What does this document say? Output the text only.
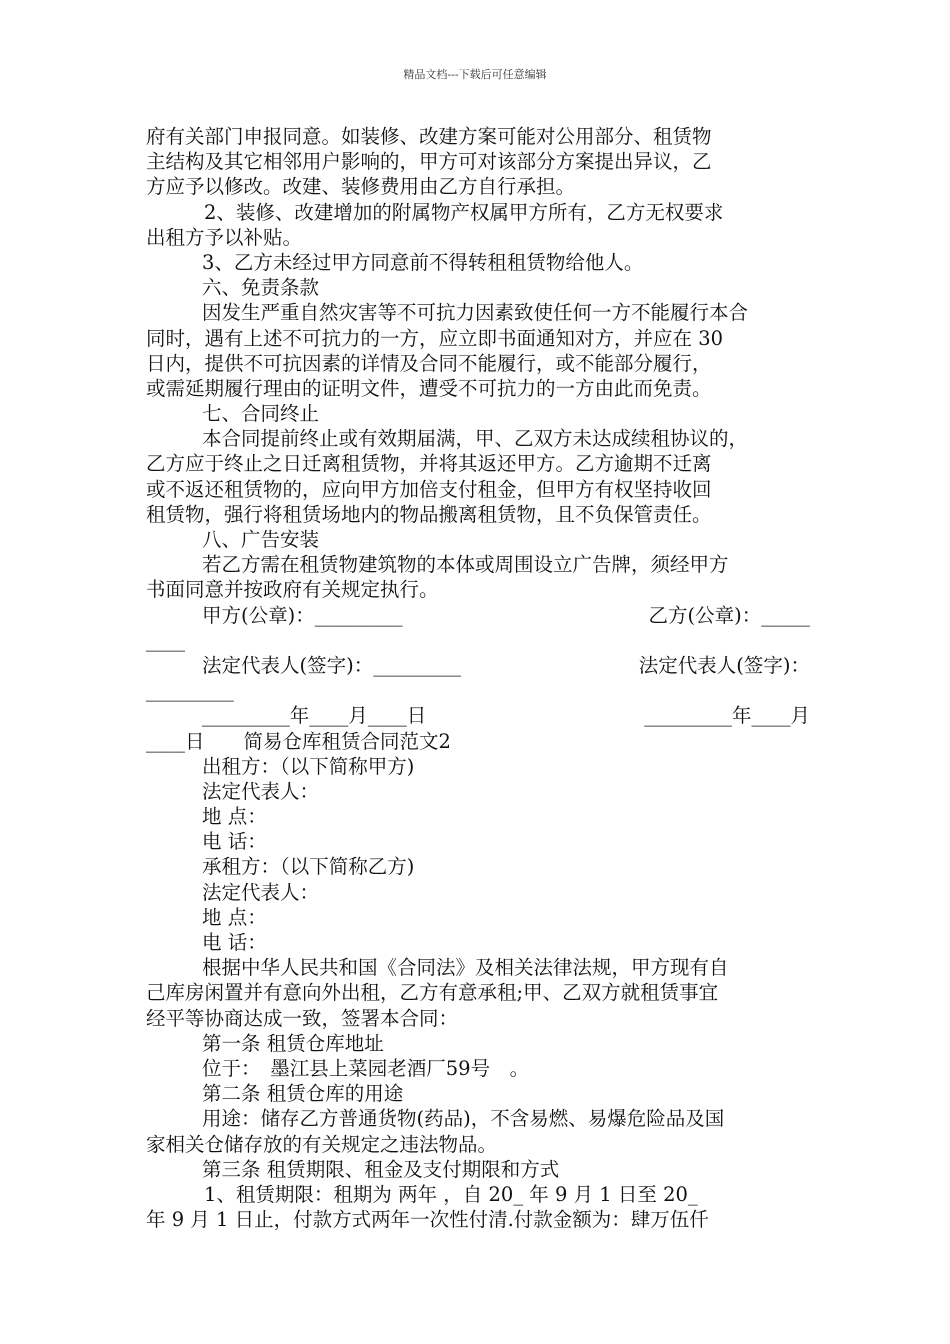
精品文档---下载后可任意编辑
府有关部门申报同意。如装修、改建方案可能对公用部分、租赁物
主结构及其它相邻用户影响的，甲方可对该部分方案提出异议，乙
方应予以修改。改建、装修费用由乙方自行承担。
2、装修、改建增加的附属物产权属甲方所有，乙方无权要求
出租方予以补贴。
3、乙方未经过甲方同意前不得转租租赁物给他人。
六、免责条款
因发生严重自然灾害等不可抗力因素致使任何一方不能履行本合
同时，遇有上述不可抗力的一方，应立即书面通知对方，并应在 30
日内，提供不可抗因素的详情及合同不能履行，或不能部分履行，
或需延期履行理由的证明文件，遭受不可抗力的一方由此而免责。
七、合同终止
本合同提前终止或有效期届满，甲、乙双方未达成续租协议的，
乙方应于终止之日迁离租赁物，并将其返还甲方。乙方逾期不迁离
或不返还租赁物的，应向甲方加倍支付租金，但甲方有权坚持收回
租赁物，强行将租赁场地内的物品搬离租赁物，且不负保管责任。
八、广告安装
若乙方需在租赁物建筑物的本体或周围设立广告牌，须经甲方
书面同意并按政府有关规定执行。
甲方(公章)：_________	乙方(公章)：_____
____
法定代表人(签字)：_________	法定代表人(签字)：
_________
_________年____月____日	_________年____月
____日　　简易仓库租赁合同范文2
出租方：（以下简称甲方)
法定代表人：
地 点：
电 话：
承租方：（以下简称乙方)
法定代表人：
地 点：
电 话：
根据中华人民共和国《合同法》及相关法律法规，甲方现有自
己库房闲置并有意向外出租，乙方有意承租;甲、乙双方就租赁事宜
经平等协商达成一致，签署本合同：
第一条 租赁仓库地址
位于：　墨江县上菜园老酒厂59号　。
第二条 租赁仓库的用途
用途：储存乙方普通货物(药品)，不含易燃、易爆危险品及国
家相关仓储存放的有关规定之违法物品。
第三条 租赁期限、租金及支付期限和方式
1、租赁期限：租期为 两年 ，自 20_ 年 9 月 1 日至 20_
年 9 月 1 日止，付款方式两年一次性付清.付款金额为：肆万伍仟
